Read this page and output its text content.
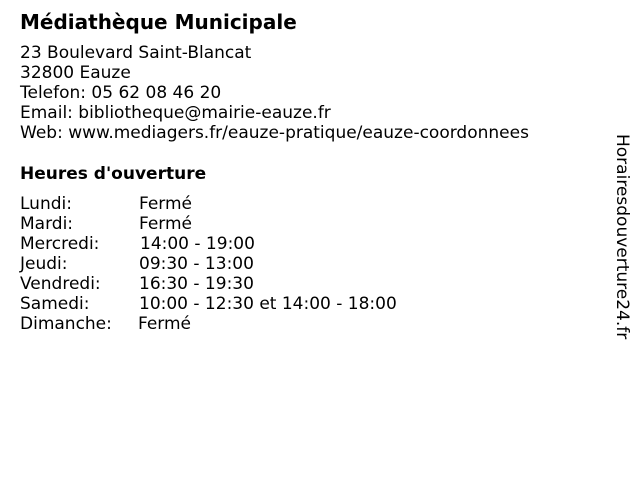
Médiathèque Municipale
23 Boulevard Saint-Blancat
32800 Eauze
Telefon: 05 62 08 46 20
Email: bibliotheque@mairie-eauze.fr
Web: www.mediagers.fr/eauze-pratique/eauze-coordonnees
Heures d'ouverture
Lundi:	Fermé
Mardi:	Fermé
Mercredi: 14:00 - 19:00
Jeudi:	09:30 - 13:00
Vendredi: 16:30 - 19:30
Samedi:	10:00 - 12:30 et 14:00 - 18:00
Dimanche: Fermé	Horairesdouverture24.fr
